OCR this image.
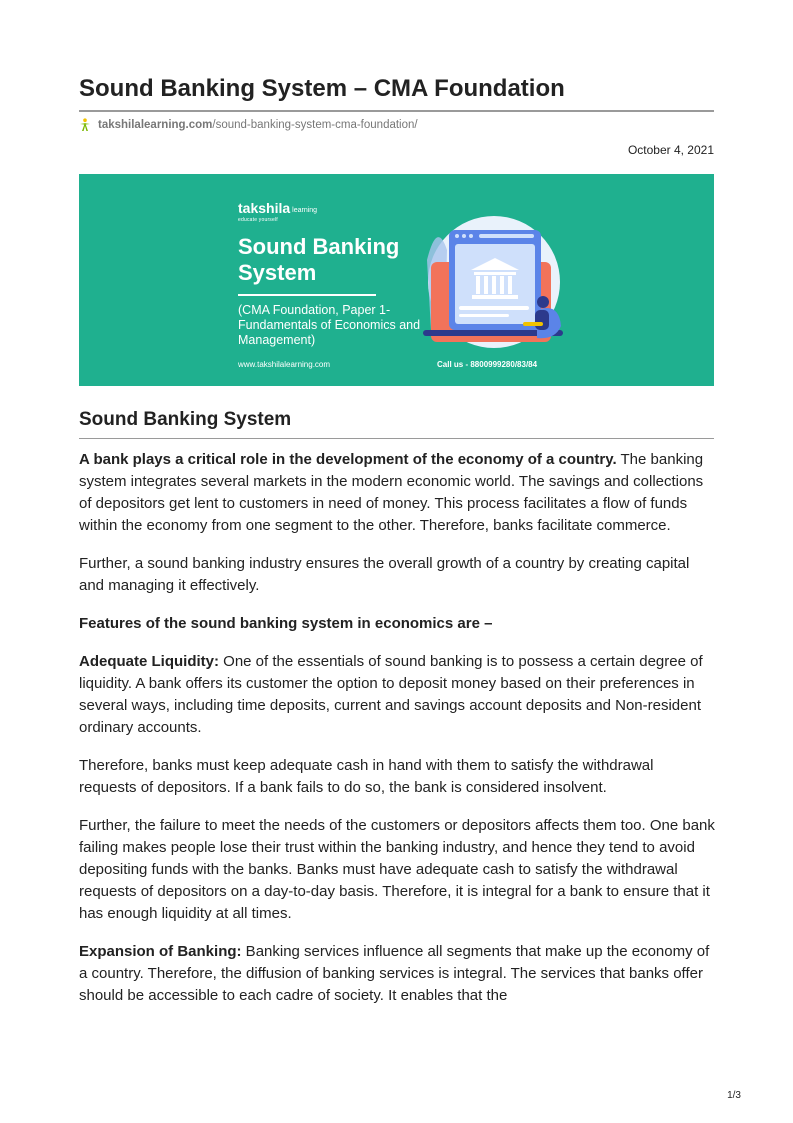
Sound Banking System – CMA Foundation
takshilalearning.com /sound-banking-system-cma-foundation/
October 4, 2021
takshila learning
educate yourself
Sound Banking System
(CMA Foundation, Paper 1- Fundamentals of Economics and Management)
www.takshilalearning.com	Call us - 8800999280/83/84
Sound Banking System

A bank plays a critical role in the development of the economy of a country. The banking system integrates several markets in the modern economic world. The savings and collections of depositors get lent to customers in need of money. This process facilitates a flow of funds within the economy from one segment to the other. Therefore, banks facilitate commerce.

Further, a sound banking industry ensures the overall growth of a country by creating capital and managing it effectively.

Features of the sound banking system in economics are –

Adequate Liquidity: One of the essentials of sound banking is to possess a certain degree of liquidity. A bank offers its customer the option to deposit money based on their preferences in several ways, including time deposits, current and savings account deposits and Non-resident ordinary accounts.

Therefore, banks must keep adequate cash in hand with them to satisfy the withdrawal requests of depositors. If a bank fails to do so, the bank is considered insolvent.

Further, the failure to meet the needs of the customers or depositors affects them too. One bank failing makes people lose their trust within the banking industry, and hence they tend to avoid depositing funds with the banks. Banks must have adequate cash to satisfy the withdrawal requests of depositors on a day-to-day basis. Therefore, it is integral for a bank to ensure that it has enough liquidity at all times.

Expansion of Banking: Banking services influence all segments that make up the economy of a country. Therefore, the diffusion of banking services is integral. The services that banks offer should be accessible to each cadre of society. It enables that the

1/3
